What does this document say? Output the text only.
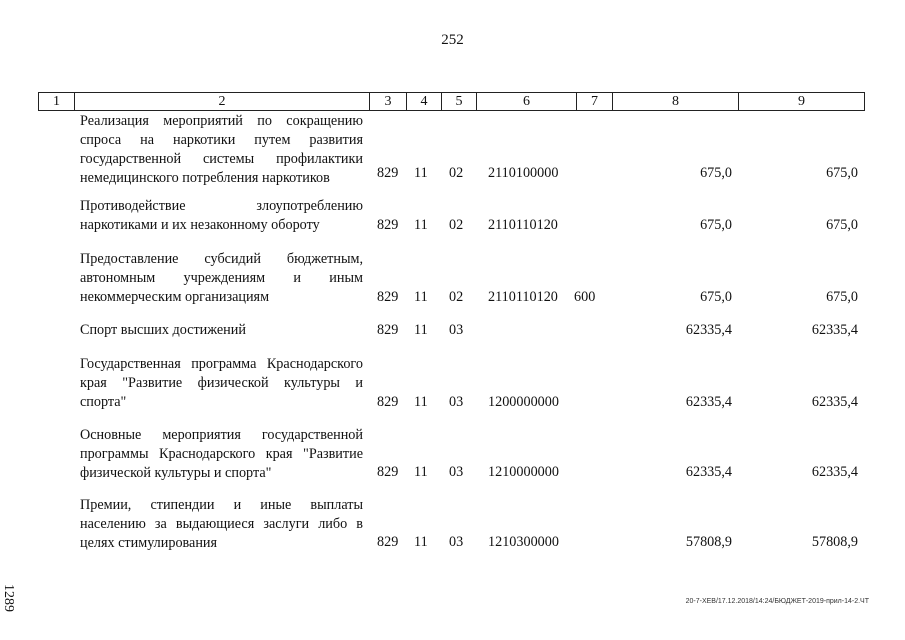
252
1	2	3	4	5	6	7	8	9
Реализация мероприятий по сокращению спроса на наркотики путем развития государственной системы профилактики немедицинского потребления наркотиков	829 11 02 2110100000	675,0	675,0
Противодействие злоупотреблению наркотиками и их незаконному обороту	829 11 02 2110110120	675,0	675,0
Предоставление субсидий бюджетным, автономным учреждениям и иным некоммерческим организациям	829 11 02 2110110120 600	675,0	675,0
Спорт высших достижений	829 11 03	62335,4	62335,4
Государственная программа Краснодарского края "Развитие физической культуры и спорта"	829 11 03 1200000000	62335,4	62335,4
Основные мероприятия государственной программы Краснодарского края "Развитие физической культуры и спорта"	829 11 03 1210000000	62335,4	62335,4
Премии, стипендии и иные выплаты населению за выдающиеся заслуги либо в целях стимулирования	829 11 03 1210300000	57808,9	57808,9
1289	20-7-ХЕВ/17.12.2018/14:24/БЮДЖЕТ-2019-прил-14-2.ЧТ
